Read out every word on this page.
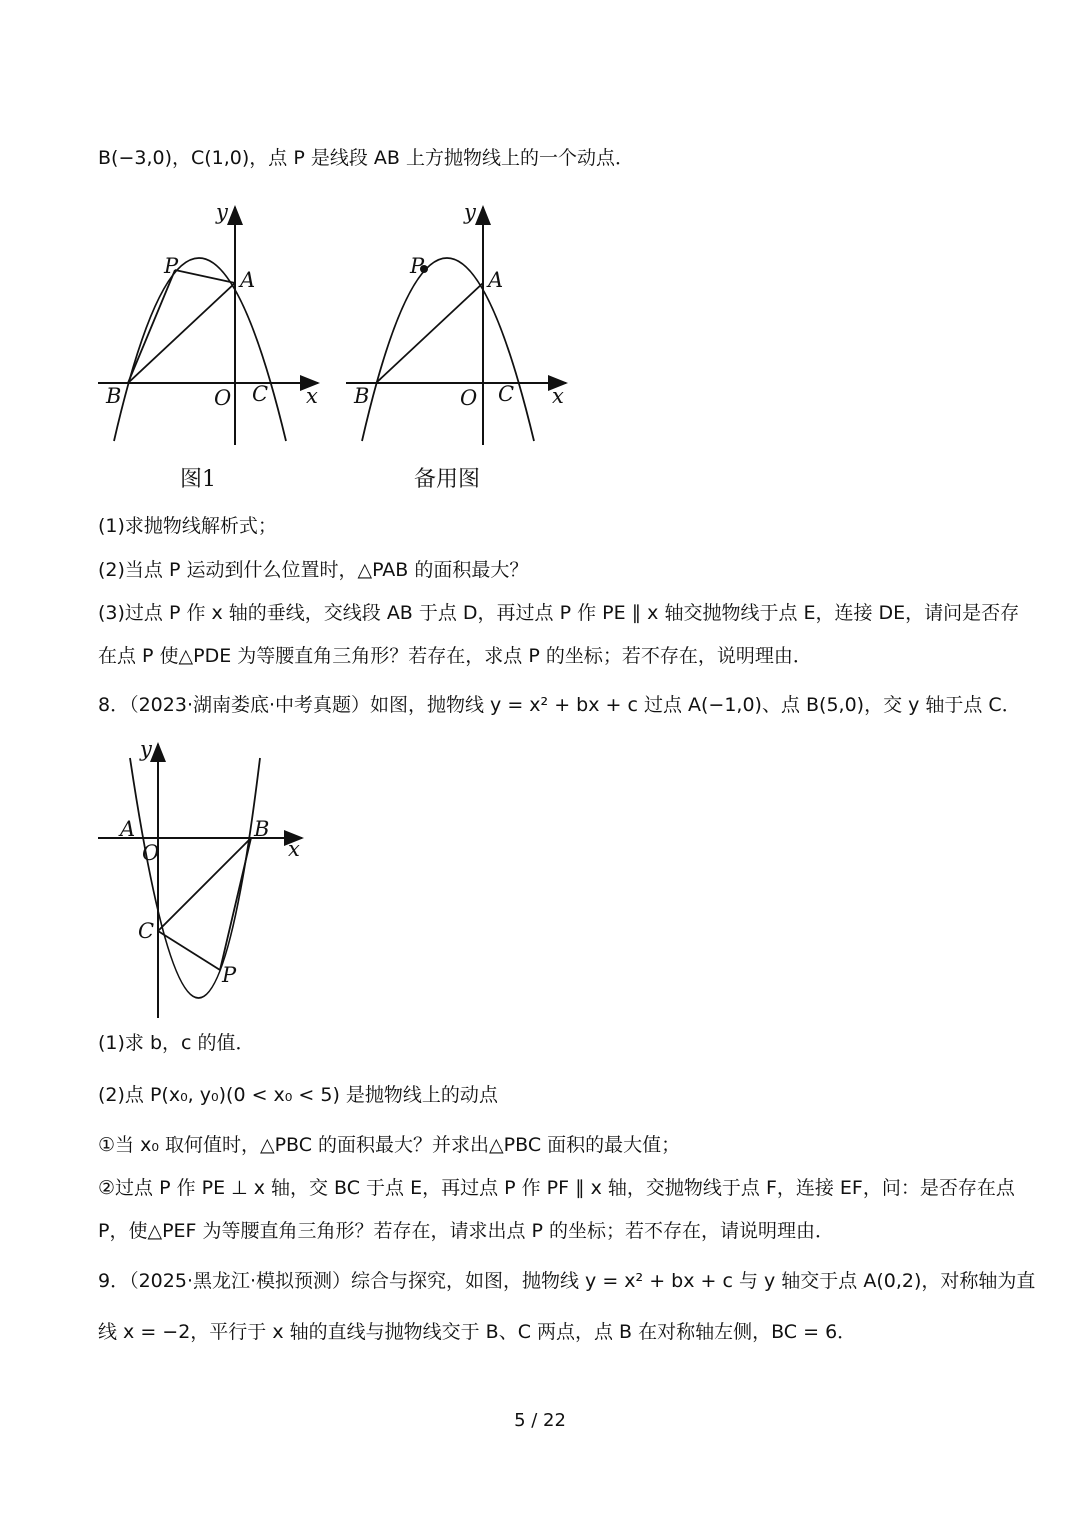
B(−3,0)，C(1,0)，点 P 是线段 AB 上方抛物线上的一个动点．
y
x
P
A
B	O C
图1
y
x
P
A
B	O C
备用图
(1)求抛物线解析式；
(2)当点 P 运动到什么位置时，△PAB 的面积最大？
(3)过点 P 作 x 轴的垂线，交线段 AB 于点 D，再过点 P 作 PE ∥ x 轴交抛物线于点 E，连接 DE，请问是否存
在点 P 使△PDE 为等腰直角三角形？若存在，求点 P 的坐标；若不存在，说明理由．
8．（2023·湖南娄底·中考真题）如图，抛物线 y = x² + bx + c 过点 A(−1,0)、点 B(5,0)，交 y 轴于点 C．
y
x
A	B
O
C
P
(1)求 b，c 的值．
(2)点 P(x₀, y₀)(0 < x₀ < 5) 是抛物线上的动点
①当 x₀ 取何值时，△PBC 的面积最大？并求出△PBC 面积的最大值；
②过点 P 作 PE ⊥ x 轴，交 BC 于点 E，再过点 P 作 PF ∥ x 轴，交抛物线于点 F，连接 EF，问：是否存在点
P，使△PEF 为等腰直角三角形？若存在，请求出点 P 的坐标；若不存在，请说明理由．
9．（2025·黑龙江·模拟预测）综合与探究，如图，抛物线 y = x² + bx + c 与 y 轴交于点 A(0,2)，对称轴为直
线 x = −2，平行于 x 轴的直线与抛物线交于 B、C 两点，点 B 在对称轴左侧，BC = 6．
5 / 22
